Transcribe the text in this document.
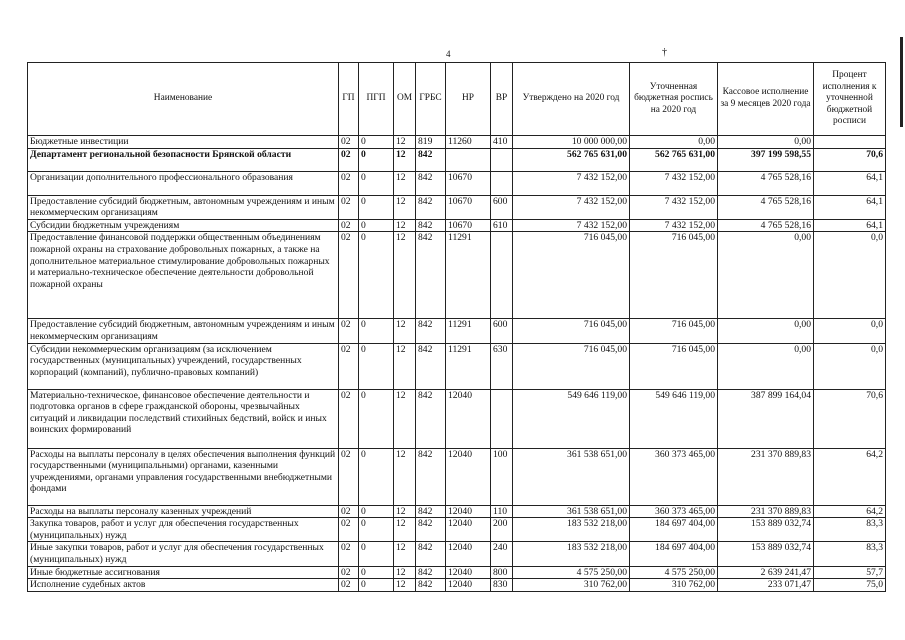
4	†
Наименование	ГП	ПГП	ОМ	ГРБС	НР	ВР	Утверждено на 2020 год	Уточненная бюджетная роспись на 2020 год	Кассовое исполнение за 9 месяцев 2020 года	Процент исполнения к уточненной бюджетной росписи
Бюджетные инвестиции	02	0	12	819	11260	410	10 000 000,00	0,00	0,00	
Департамент региональной безопасности Брянской области	02	0	12	842			562 765 631,00	562 765 631,00	397 199 598,55	70,6
Организации дополнительного профессионального образования	02	0	12	842	10670		7 432 152,00	7 432 152,00	4 765 528,16	64,1
Предоставление субсидий бюджетным, автономным учреждениям и иным некоммерческим организациям	02	0	12	842	10670	600	7 432 152,00	7 432 152,00	4 765 528,16	64,1
Субсидии бюджетным учреждениям	02	0	12	842	10670	610	7 432 152,00	7 432 152,00	4 765 528,16	64,1
Предоставление финансовой поддержки общественным объединениям пожарной охраны на страхование добровольных пожарных, а также на дополнительное материальное стимулирование добровольных пожарных и материально-техническое обеспечение деятельности добровольной пожарной охраны	02	0	12	842	11291		716 045,00	716 045,00	0,00	0,0
Предоставление субсидий бюджетным, автономным учреждениям и иным некоммерческим организациям	02	0	12	842	11291	600	716 045,00	716 045,00	0,00	0,0
Субсидии некоммерческим организациям (за исключением государственных (муниципальных) учреждений, государственных корпораций (компаний), публично-правовых компаний)	02	0	12	842	11291	630	716 045,00	716 045,00	0,00	0,0
Материально-техническое, финансовое обеспечение деятельности и подготовка органов в сфере гражданской обороны, чрезвычайных ситуаций и ликвидации последствий стихийных бедствий, войск и иных воинских формирований	02	0	12	842	12040		549 646 119,00	549 646 119,00	387 899 164,04	70,6
Расходы на выплаты персоналу в целях обеспечения выполнения функций государственными (муниципальными) органами, казенными учреждениями, органами управления государственными внебюджетными фондами	02	0	12	842	12040	100	361 538 651,00	360 373 465,00	231 370 889,83	64,2
Расходы на выплаты персоналу казенных учреждений	02	0	12	842	12040	110	361 538 651,00	360 373 465,00	231 370 889,83	64,2
Закупка товаров, работ и услуг для обеспечения государственных (муниципальных) нужд	02	0	12	842	12040	200	183 532 218,00	184 697 404,00	153 889 032,74	83,3
Иные закупки товаров, работ и услуг для обеспечения государственных (муниципальных) нужд	02	0	12	842	12040	240	183 532 218,00	184 697 404,00	153 889 032,74	83,3
Иные бюджетные ассигнования	02	0	12	842	12040	800	4 575 250,00	4 575 250,00	2 639 241,47	57,7
Исполнение судебных актов	02	0	12	842	12040	830	310 762,00	310 762,00	233 071,47	75,0
